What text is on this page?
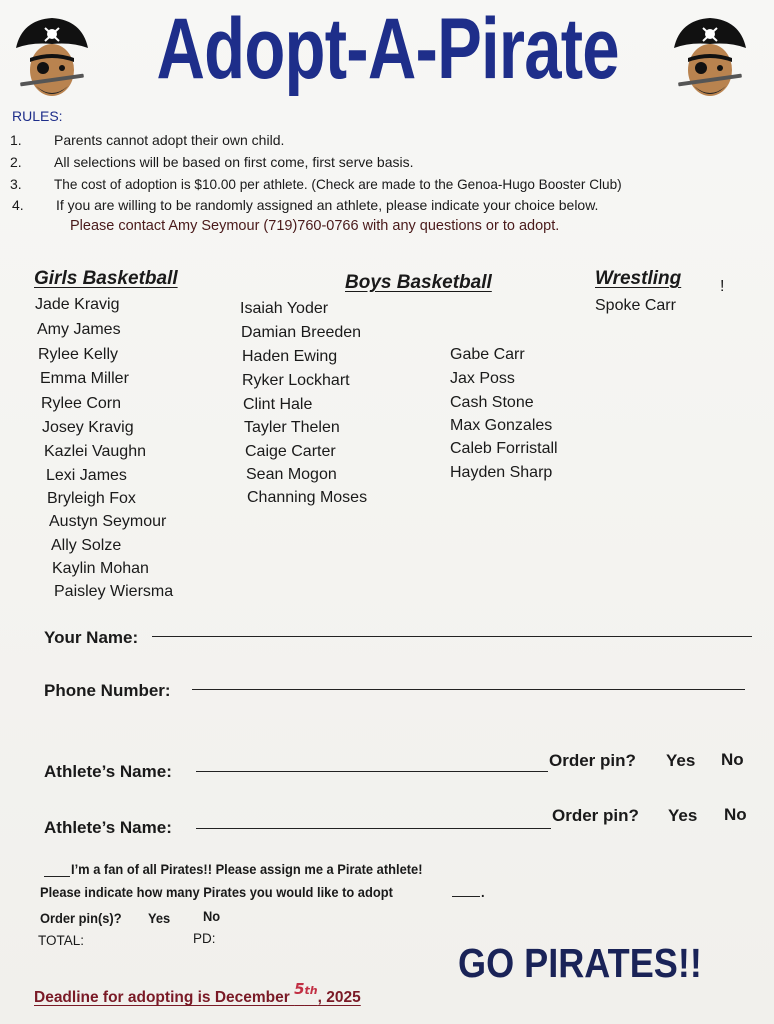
Adopt-A-Pirate
RULES:
1. Parents cannot adopt their own child.
2. All selections will be based on first come, first serve basis.
3. The cost of adoption is $10.00 per athlete. (Check are made to the Genoa-Hugo Booster Club)
4. If you are willing to be randomly assigned an athlete, please indicate your choice below.
Please contact Amy Seymour (719)760-0766 with any questions or to adopt.
Girls Basketball	Boys Basketball	Wrestling !
Jade Kravig
Amy James
Rylee Kelly
Emma Miller
Rylee Corn
Josey Kravig
Kazlei Vaughn
Lexi James
Bryleigh Fox
Austyn Seymour
Ally Solze
Kaylin Mohan
Paisley Wiersma
Isaiah Yoder
Damian Breeden
Haden Ewing
Ryker Lockhart
Clint Hale
Tayler Thelen
Caige Carter
Sean Mogon
Channing Moses
Gabe Carr
Jax Poss
Cash Stone
Max Gonzales
Caleb Forristall
Hayden Sharp
Spoke Carr
Your Name:
Phone Number:
Athlete’s Name:
Order pin? Yes No
Athlete’s Name:
Order pin? Yes No
I’m a fan of all Pirates!! Please assign me a Pirate athlete!
Please indicate how many Pirates you would like to adopt	.
Order pin(s)? Yes No
TOTAL:	PD:
GO PIRATES!!
Deadline for adopting is December 5th, 2025
